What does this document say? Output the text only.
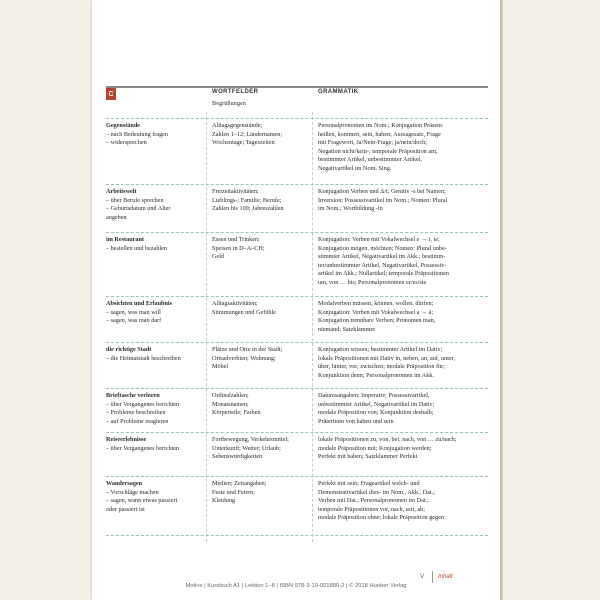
C	WORTFELDER	GRAMMATIK
Begrüßungen
Gegenstände
– nach Bedeutung fragen
– widersprechen
Alltagsgegenstände;
Zahlen 1–12; Ländernamen;
Wochentage; Tageszeiten
Personalpronomen im Nom.; Konjugation Präsens
heißen, kommen, sein, haben; Aussagesatz, Frage
mit Fragewort, Ja/Nein-Frage; ja/nein/doch;
Negation nicht/kein-; temporale Präposition am;
bestimmter Artikel, unbestimmter Artikel,
Negativartikel im Nom. Sing.
Arbeitswelt
– über Berufe sprechen
– Geburtsdatum und Alter
angeben
Freizeitaktivitäten;
Lieblings-; Familie; Berufe;
Zahlen bis 100; Jahreszahlen
Konjugation Verben und Δ/t; Genitiv -s bei Namen;
Inversion; Possessivartikel im Nom.; Nomen: Plural
im Nom.; Wortbildung -in
im Restaurant
– bestellen und bezahlen
Essen und Trinken;
Speisen in D–A–CH;
Geld
Konjugation: Verben mit Vokalwechsel e → i, ie;
Konjugation mögen, möchten; Nomen: Plural unbe-
stimmter Artikel, Negativartikel im Akk.; bestimm-
ter/unbestimmter Artikel, Negativartikel, Possessiv-
artikel im Akk.; Nullartikel; temporale Präpositionen
um, von … bis; Personalpronomen er/es/sie
Absichten und Erlaubnis
– sagen, was man will
– sagen, was man darf
Alltagsaktivitäten;
Stimmungen und Gefühle
Modalverben müssen, können, wollen, dürfen;
Konjugation: Verben mit Vokalwechsel a → ä;
Konjugation trennbare Verben; Pronomen man,
niemand; Satzklammer
die richtige Stadt
– die Heimatstadt beschreiben
Plätze und Orte in der Stadt;
Ortsadverbien; Wohnung;
Möbel
Konjugation wissen; bestimmter Artikel im Dativ;
lokale Präpositionen mit Dativ in, neben, an, auf, unter,
über, hinter, vor, zwischen; modale Präposition für;
Konjunktion denn; Personalpronomen im Akk.
Brieftasche verloren
– über Vergangenes berichten
– Probleme beschreiben
– auf Probleme reagieren
Ordinalzahlen;
Monatsnamen;
Körperteile; Farben
Datumsangaben; Imperativ; Possessivartikel,
unbestimmter Artikel, Negativartikel im Dativ;
modale Präposition von; Konjunktion deshalb;
Präteritum von haben und sein
Reiseerlebnisse
– über Vergangenes berichten
Fortbewegung, Verkehrsmittel;
Unterkunft; Wetter; Urlaub;
Sehenswürdigkeiten
lokale Präpositionen zu, von, bei, nach, von … zu/nach;
modale Präposition mit; Konjugation werden;
Perfekt mit haben; Satzklammer Perfekt
Wandersagen
– Vorschläge machen
– sagen, wann etwas passiert
oder passiert ist
Medien; Zeitangaben;
Feste und Feiern;
Kleidung
Perfekt mit sein; Fragеartikel welch- und
Demonstrativartikel dies- im Nom., Akk., Dat.;
Verben mit Dat.; Personalpronomen im Dat.;
temporale Präpositionen vor, nach, seit, ab;
modale Präposition ohne; lokale Präposition gegen
V Inhalt
Motive | Kursbuch A1 | Lektion 1–8 | ISBN 978-3-19-001880-2 | © 2018 Hueber Verlag
